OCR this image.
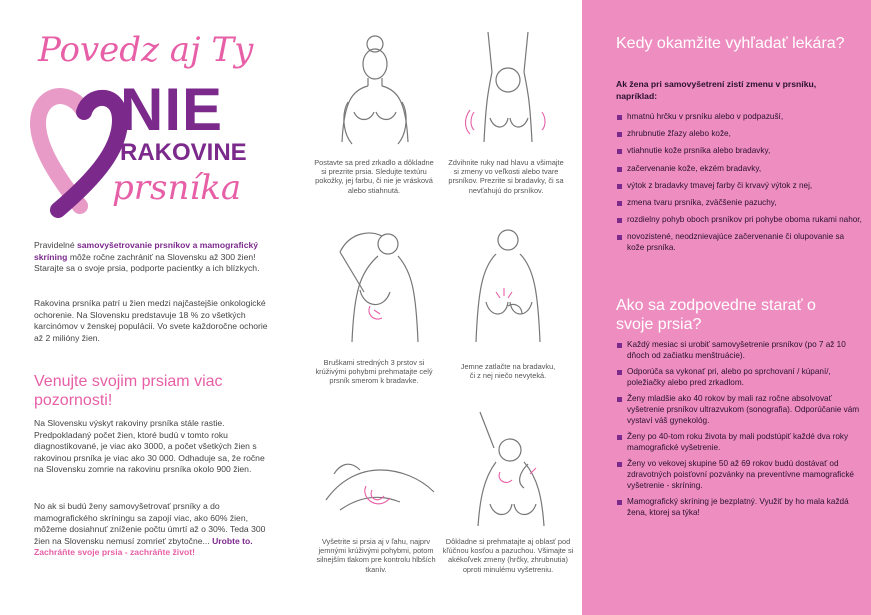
Povedz aj Ty
NIE
RAKOVINE
prsníka

Pravidelné samovyšetrovanie prsníkov a mamografický skríning môže ročne zachrániť na Slovensku až 300 žien! Starajte sa o svoje prsia, podporte pacientky a ich blízkych.

Rakovina prsníka patrí u žien medzi najčastejšie onkologické ochorenie. Na Slovensku predstavuje 18 % zo všetkých karcinómov v ženskej populácii. Vo svete každoročne ochorie až 2 milióny žien.

Venujte svojim prsiam viac pozornosti!

Na Slovensku výskyt rakoviny prsníka stále rastie. Predpokladaný počet žien, ktoré budú v tomto roku diagnostikované, je viac ako 3000, a počet všetkých žien s rakovinou prsníka je viac ako 30 000. Odhaduje sa, že ročne na Slovensku zomrie na rakovinu prsníka okolo 900 žien.

No ak si budú ženy samovyšetrovať prsníky a do mamografického skríningu sa zapojí viac, ako 60% žien, môžeme dosiahnuť zníženie počtu úmrtí až o 30%. Teda 300 žien na Slovensku nemusí zomrieť zbytočne... Urobte to.
Zachráňte svoje prsia - zachráňte život!

Postavte sa pred zrkadlo a dôkladne si prezrite prsia. Sledujte textúru pokožky, jej farbu, či nie je vrásková alebo stiahnutá.

Zdvihnite ruky nad hlavu a všimajte si zmeny vo veľkosti alebo tvare prsníkov. Prezrite si bradavky, či sa nevťahujú do prsníkov.

Bruškami stredných 3 prstov si krúživými pohybmi prehmatajte celý prsník smerom k bradavke.

Jemne zatlačte na bradavku, či z nej niečo nevyteká.

Vyšetrite si prsia aj v ľahu, najprv jemnými krúživými pohybmi, potom silnejším tlakom pre kontrolu hlbších tkanív.

Dôkladne si prehmatajte aj oblasť pod kľúčnou kosťou a pazuchou. Všimajte si akékoľvek zmeny (hrčky, zhrubnutia) oproti minulému vyšetreniu.

Kedy okamžite vyhľadať lekára?

Ak žena pri samovyšetrení zistí zmenu v prsníku, napríklad:

hmatnú hrčku v prsníku alebo v podpazuší,
zhrubnutie žľazy alebo kože,
vtiahnutie kože prsníka alebo bradavky,
začervenanie kože, ekzém bradavky,
výtok z bradavky tmavej farby či krvavý výtok z nej,
zmena tvaru prsníka, zväčšenie pazuchy,
rozdielny pohyb oboch prsníkov pri pohybe oboma rukami nahor,
novozistené, neodznievajúce začervenanie či olupovanie sa kože prsníka.
Ako sa zodpovedne starať o svoje prsia?
Každý mesiac si urobiť samovyšetrenie prsníkov (po 7 až 10 dňoch od začiatku menštruácie).
Odporúča sa vykonať pri, alebo po sprchovaní / kúpaní/, poležiačky alebo pred zrkadlom.
Ženy mladšie ako 40 rokov by mali raz ročne absolvovať vyšetrenie prsníkov ultrazvukom (sonografia). Odporúčanie vám vystaví váš gynekológ.
Ženy po 40-tom roku života by mali podstúpiť každé dva roky mamografické vyšetrenie.
Ženy vo vekovej skupine 50 až 69 rokov budú dostávať od zdravotných poisťovní pozvánky na preventívne mamografické vyšetrenie - skríning.
Mamografický skríning je bezplatný. Využiť by ho mala každá žena, ktorej sa týka!
